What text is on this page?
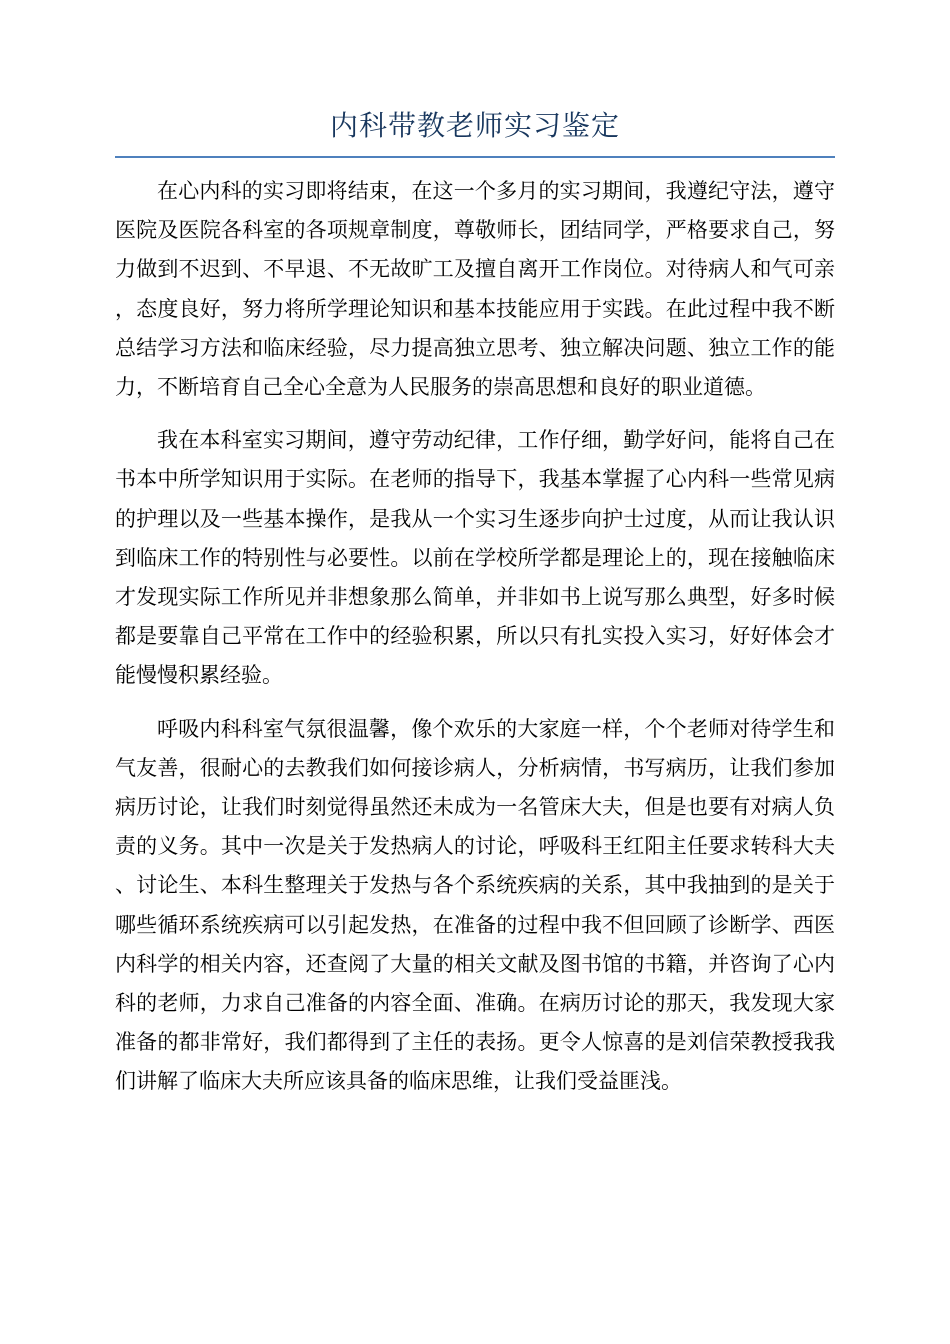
内科带教老师实习鉴定

在心内科的实习即将结束，在这一个多月的实习期间，我遵纪守法，遵守医院及医院各科室的各项规章制度，尊敬师长，团结同学，严格要求自己，努力做到不迟到、不早退、不无故旷工及擅自离开工作岗位。对待病人和气可亲，态度良好，努力将所学理论知识和基本技能应用于实践。在此过程中我不断总结学习方法和临床经验，尽力提高独立思考、独立解决问题、独立工作的能力，不断培育自己全心全意为人民服务的崇高思想和良好的职业道德。

我在本科室实习期间，遵守劳动纪律，工作仔细，勤学好问，能将自己在书本中所学知识用于实际。在老师的指导下，我基本掌握了心内科一些常见病的护理以及一些基本操作，是我从一个实习生逐步向护士过度，从而让我认识到临床工作的特别性与必要性。以前在学校所学都是理论上的，现在接触临床才发现实际工作所见并非想象那么简单，并非如书上说写那么典型，好多时候都是要靠自己平常在工作中的经验积累，所以只有扎实投入实习，好好体会才能慢慢积累经验。

呼吸内科科室气氛很温馨，像个欢乐的大家庭一样，个个老师对待学生和气友善，很耐心的去教我们如何接诊病人，分析病情，书写病历，让我们参加病历讨论，让我们时刻觉得虽然还未成为一名管床大夫，但是也要有对病人负责的义务。其中一次是关于发热病人的讨论，呼吸科王红阳主任要求转科大夫、讨论生、本科生整理关于发热与各个系统疾病的关系，其中我抽到的是关于哪些循环系统疾病可以引起发热，在准备的过程中我不但回顾了诊断学、西医内科学的相关内容，还查阅了大量的相关文献及图书馆的书籍，并咨询了心内科的老师，力求自己准备的内容全面、准确。在病历讨论的那天，我发现大家准备的都非常好，我们都得到了主任的表扬。更令人惊喜的是刘信荣教授我我们讲解了临床大夫所应该具备的临床思维，让我们受益匪浅。
